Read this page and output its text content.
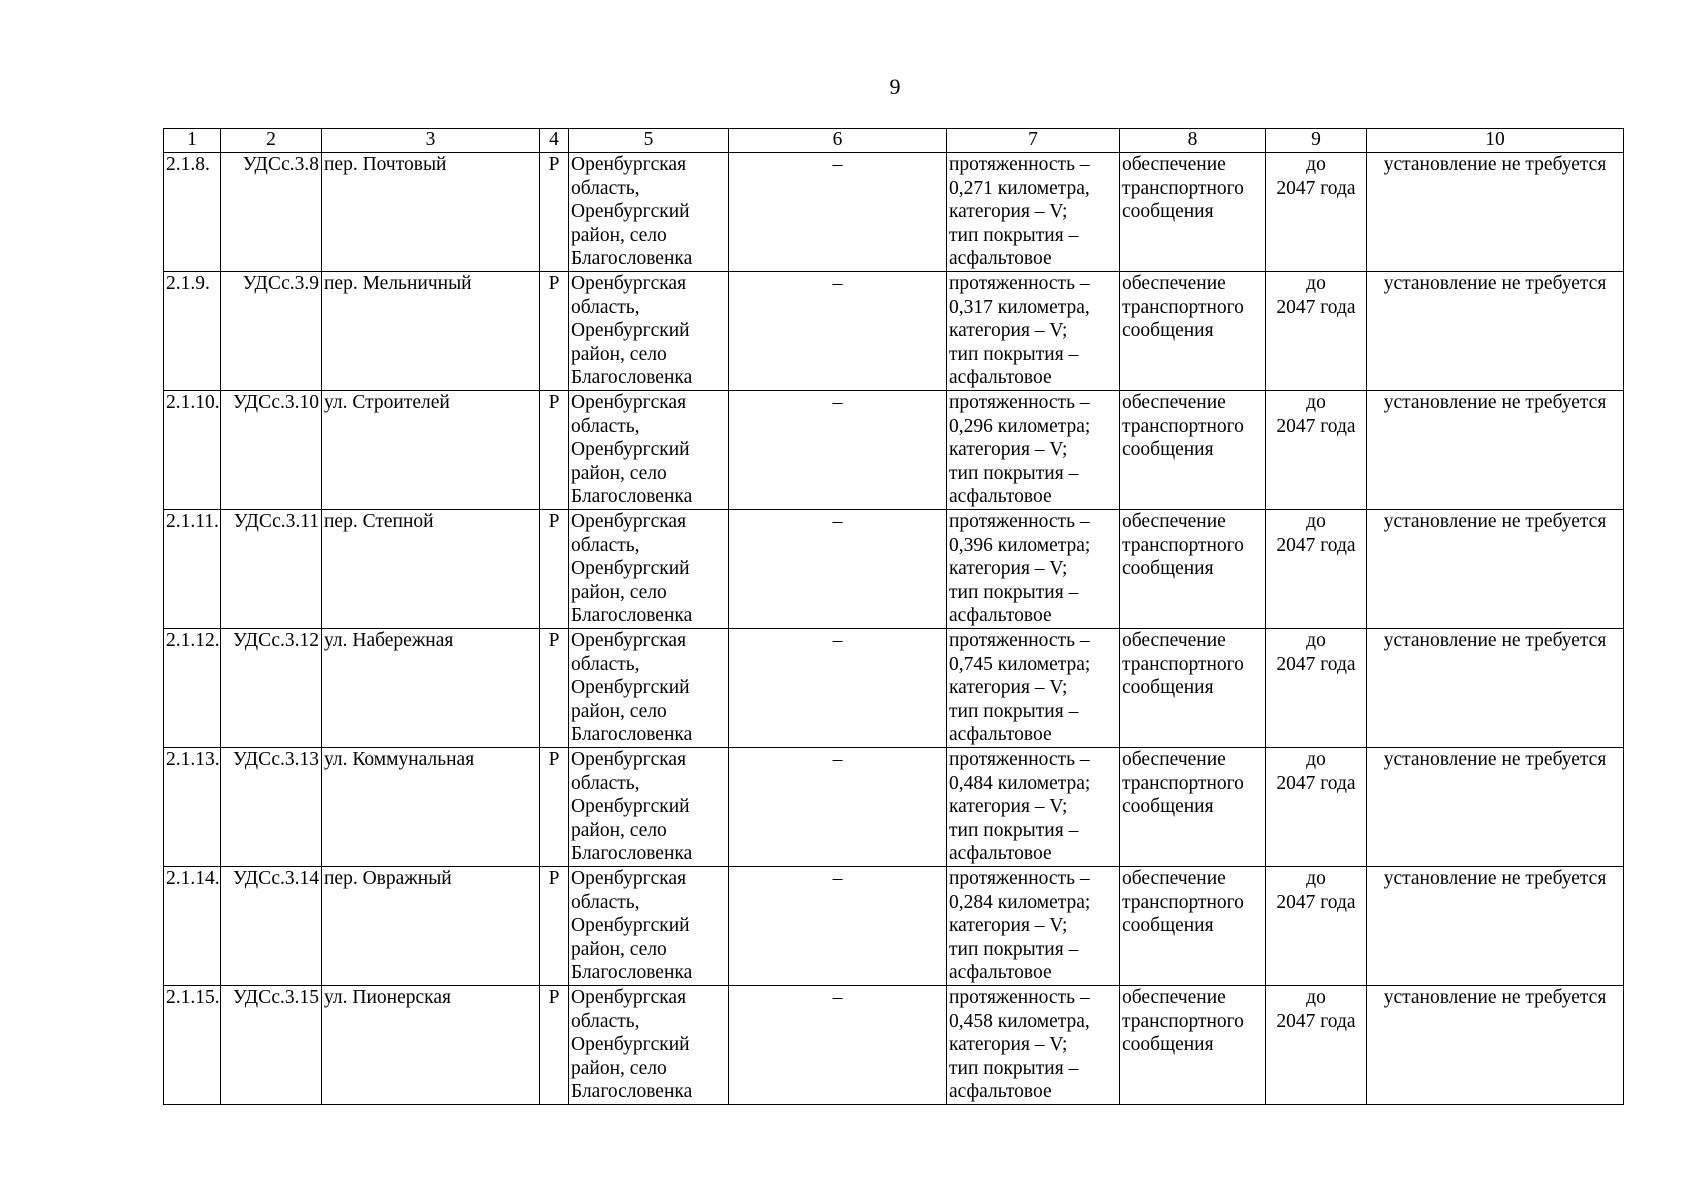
9
1	2	3	4	5	6	7	8	9	10
2.1.8.	УДСс.3.8	пер. Почтовый	Р	Оренбургская
область,
Оренбургский
район, село
Благословенка	–	протяженность –
0,271 километра,
категория – V;
тип покрытия –
асфальтовое	обеспечение
транспортного
сообщения	до
2047 года	установление не требуется
2.1.9.	УДСс.3.9	пер. Мельничный	Р	Оренбургская
область,
Оренбургский
район, село
Благословенка	–	протяженность –
0,317 километра,
категория – V;
тип покрытия –
асфальтовое	обеспечение
транспортного
сообщения	до
2047 года	установление не требуется
2.1.10.	УДСс.3.10	ул. Строителей	Р	Оренбургская
область,
Оренбургский
район, село
Благословенка	–	протяженность –
0,296 километра;
категория – V;
тип покрытия –
асфальтовое	обеспечение
транспортного
сообщения	до
2047 года	установление не требуется
2.1.11.	УДСс.3.11	пер. Степной	Р	Оренбургская
область,
Оренбургский
район, село
Благословенка	–	протяженность –
0,396 километра;
категория – V;
тип покрытия –
асфальтовое	обеспечение
транспортного
сообщения	до
2047 года	установление не требуется
2.1.12.	УДСс.3.12	ул. Набережная	Р	Оренбургская
область,
Оренбургский
район, село
Благословенка	–	протяженность –
0,745 километра;
категория – V;
тип покрытия –
асфальтовое	обеспечение
транспортного
сообщения	до
2047 года	установление не требуется
2.1.13.	УДСс.3.13	ул. Коммунальная	Р	Оренбургская
область,
Оренбургский
район, село
Благословенка	–	протяженность –
0,484 километра;
категория – V;
тип покрытия –
асфальтовое	обеспечение
транспортного
сообщения	до
2047 года	установление не требуется
2.1.14.	УДСс.3.14	пер. Овражный	Р	Оренбургская
область,
Оренбургский
район, село
Благословенка	–	протяженность –
0,284 километра;
категория – V;
тип покрытия –
асфальтовое	обеспечение
транспортного
сообщения	до
2047 года	установление не требуется
2.1.15.	УДСс.3.15	ул. Пионерская	Р	Оренбургская
область,
Оренбургский
район, село
Благословенка	–	протяженность –
0,458 километра,
категория – V;
тип покрытия –
асфальтовое	обеспечение
транспортного
сообщения	до
2047 года	установление не требуется
